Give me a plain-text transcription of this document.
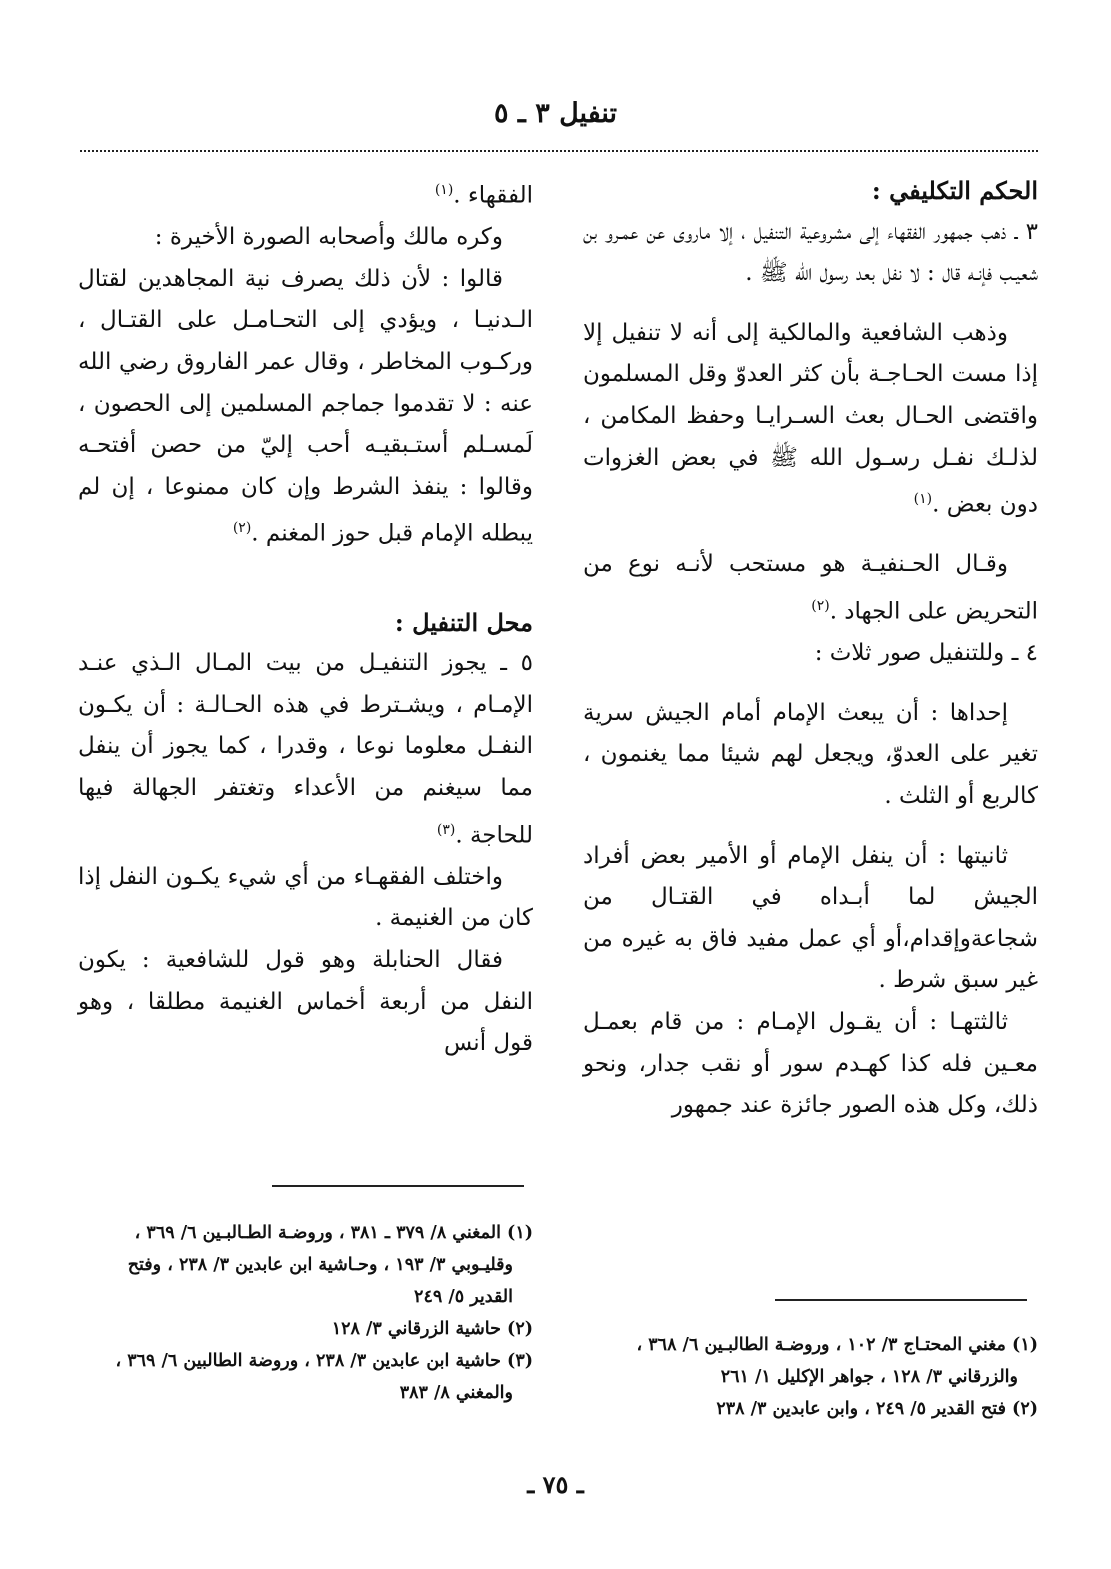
تنفيل ٣ ـ ٥

الحكم التكليفي :

٣ ـ ذهب جمهور الفقهاء إلى مشروعية التنفيل ، إلا ماروى عن عمـرو بن شعيـب فإنـه قال : لا نفل بعد رسول الله ﷺ .

وذهب الشافعية والمالكية إلى أنه لا تنفيل إلا إذا مست الحـاجـة بأن كثر العدوّ وقل المسلمون واقتضى الحـال بعث السـرايـا وحفظ المكامن ، لذلـك نفـل رسـول الله ﷺ في بعض الغزوات دون بعض .$^{(١)}$

وقـال الحـنفيـة هو مستحب لأنـه نوع من التحريض على الجهاد .$^{(٢)}$

٤ ـ وللتنفيل صور ثلاث :

إحداها : أن يبعث الإمام أمام الجيش سرية تغير على العدوّ، ويجعل لهم شيئا مما يغنمون ، كالربع أو الثلث .

ثانيتها : أن ينفل الإمام أو الأمير بعض أفراد الجيش لما أبـداه في القتـال من شجاعةوإقدام،أو أي عمل مفيد فاق به غيره من غير سبق شرط .

ثالثتهـا : أن يقـول الإمـام : من قام بعمـل معـين فله كذا كهـدم سور أو نقب جدار، ونحو ذلك، وكل هذه الصور جائزة عند جمهور

الفقهاء .$^{(١)}$

وكره مالك وأصحابه الصورة الأخيرة :

قالوا : لأن ذلك يصرف نية المجاهدين لقتال الـدنيـا ، ويؤدي إلى التحـامـل على القتـال ، وركـوب المخاطر ، وقال عمر الفاروق رضي الله عنه : لا تقدموا جماجم المسلمين إلى الحصون ، لَمسـلم أستـبقيـه أحب إليّ من حصن أفتحـه وقالوا : ينفذ الشرط وإن كان ممنوعا ، إن لم يبطله الإمام قبل حوز المغنم .$^{(٢)}$

محل التنفيل :

٥ ـ يجوز التنفيـل من بيت المـال الـذي عنـد الإمـام ، ويشـترط في هذه الحـالـة : أن يكـون النفـل معلوما نوعا ، وقدرا ، كما يجوز أن ينفل مما سيغنم من الأعداء وتغتفر الجهالة فيها للحاجة .$^{(٣)}$

واختلف الفقهـاء من أي شيء يكـون النفل إذا كان من الغنيمة .

فقال الحنابلة وهو قول للشافعية : يكون النفل من أربعة أخماس الغنيمة مطلقا ، وهو قول أنس

(١) مغني المحتـاج ٣/ ١٠٢ ، وروضـة الطالبـين ٦/ ٣٦٨ ،

والزرقاني ٣/ ١٢٨ ، جواهر الإكليل ١/ ٢٦١

(٢) فتح القدير ٥/ ٢٤٩ ، وابن عابدين ٣/ ٢٣٨

(١) المغني ٨/ ٣٧٩ ـ ٣٨١ ، وروضـة الطـالبـين ٦/ ٣٦٩ ،

وقليـوبي ٣/ ١٩٣ ، وحـاشية ابن عابدين ٣/ ٢٣٨ ، وفتح

القدير ٥/ ٢٤٩

(٢) حاشية الزرقاني ٣/ ١٢٨

(٣) حاشية ابن عابدين ٣/ ٢٣٨ ، وروضة الطالبين ٦/ ٣٦٩ ،

والمغني ٨/ ٣٨٣

ـ ٧٥ ـ
